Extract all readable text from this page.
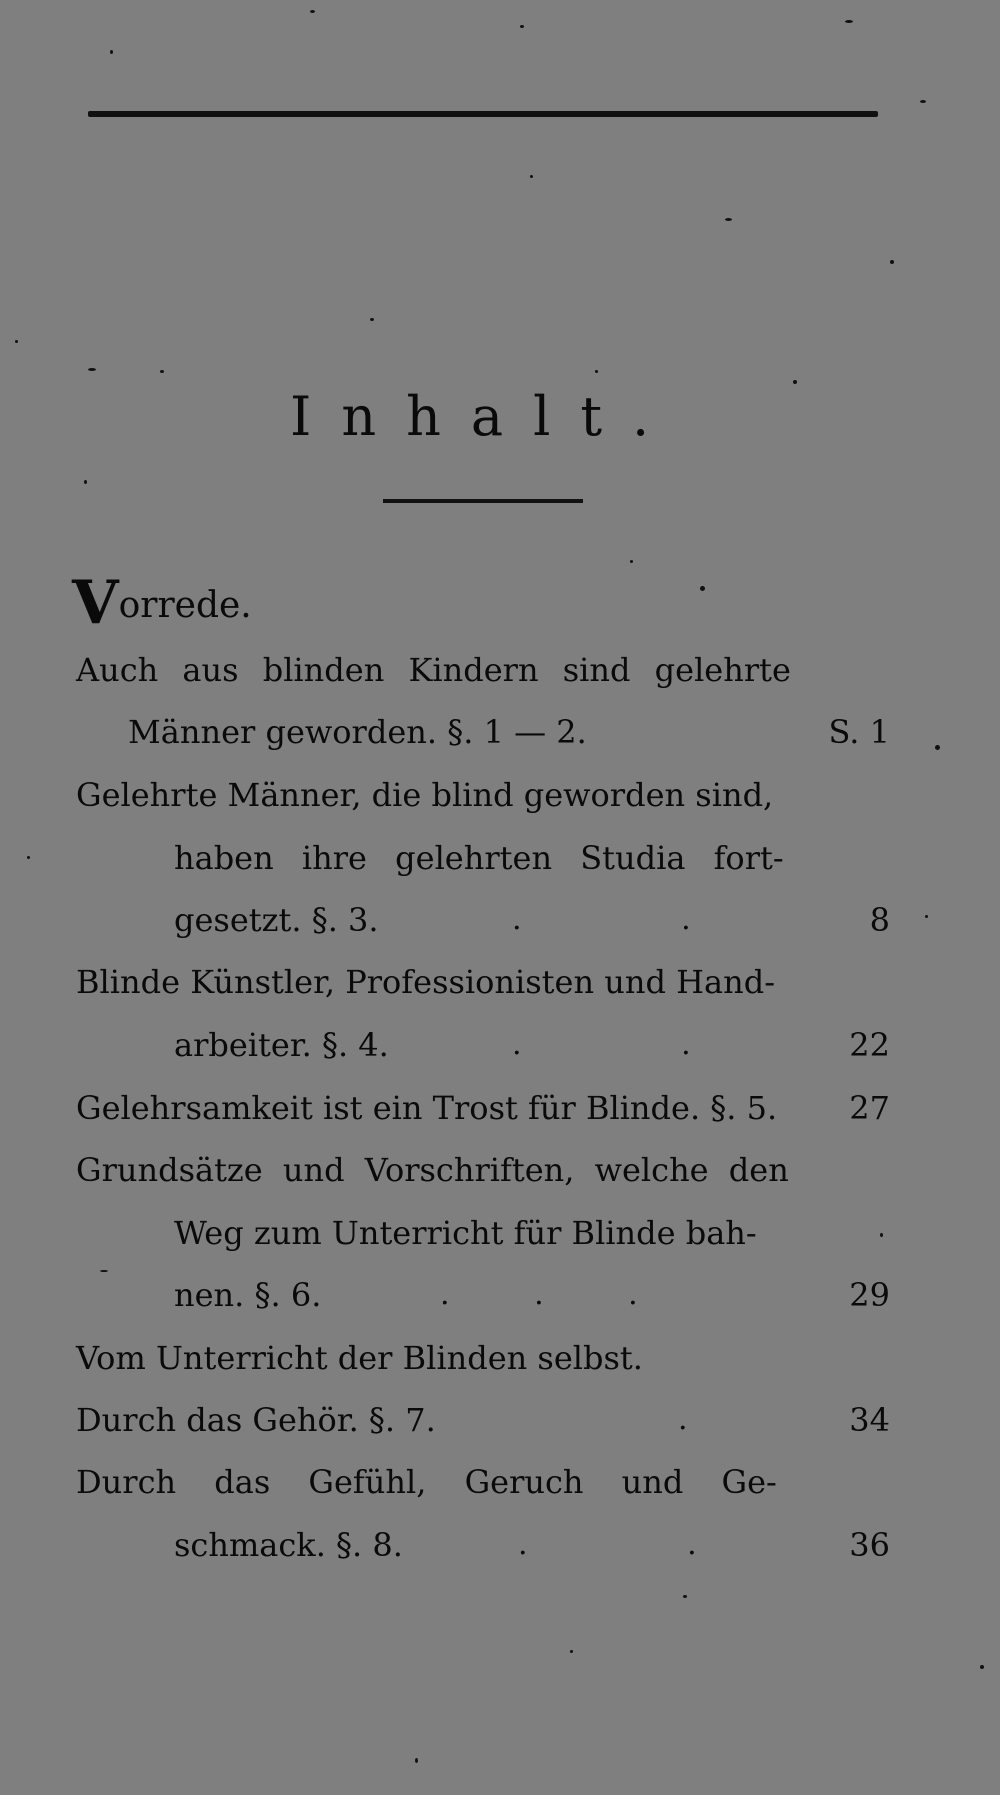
Inhalt.
Vorrede.
Auch aus blinden Kindern sind gelehrte
Männer geworden. §. 1 — 2.	S. 1
Gelehrte Männer, die blind geworden sind,
haben ihre gelehrten Studia fort-
gesetzt. §. 3.	. .	8
Blinde Künstler, Professionisten und Hand-
arbeiter. §. 4.	. .	22
Gelehrsamkeit ist ein Trost für Blinde. §. 5. 27
Grundsätze und Vorschriften, welche den
Weg zum Unterricht für Blinde bah-
nen. §. 6.	. . .	29
Vom Unterricht der Blinden selbst.
Durch das Gehör. §. 7.	.	34
Durch das Gefühl, Geruch und Ge-
schmack. §. 8.	. .	36
